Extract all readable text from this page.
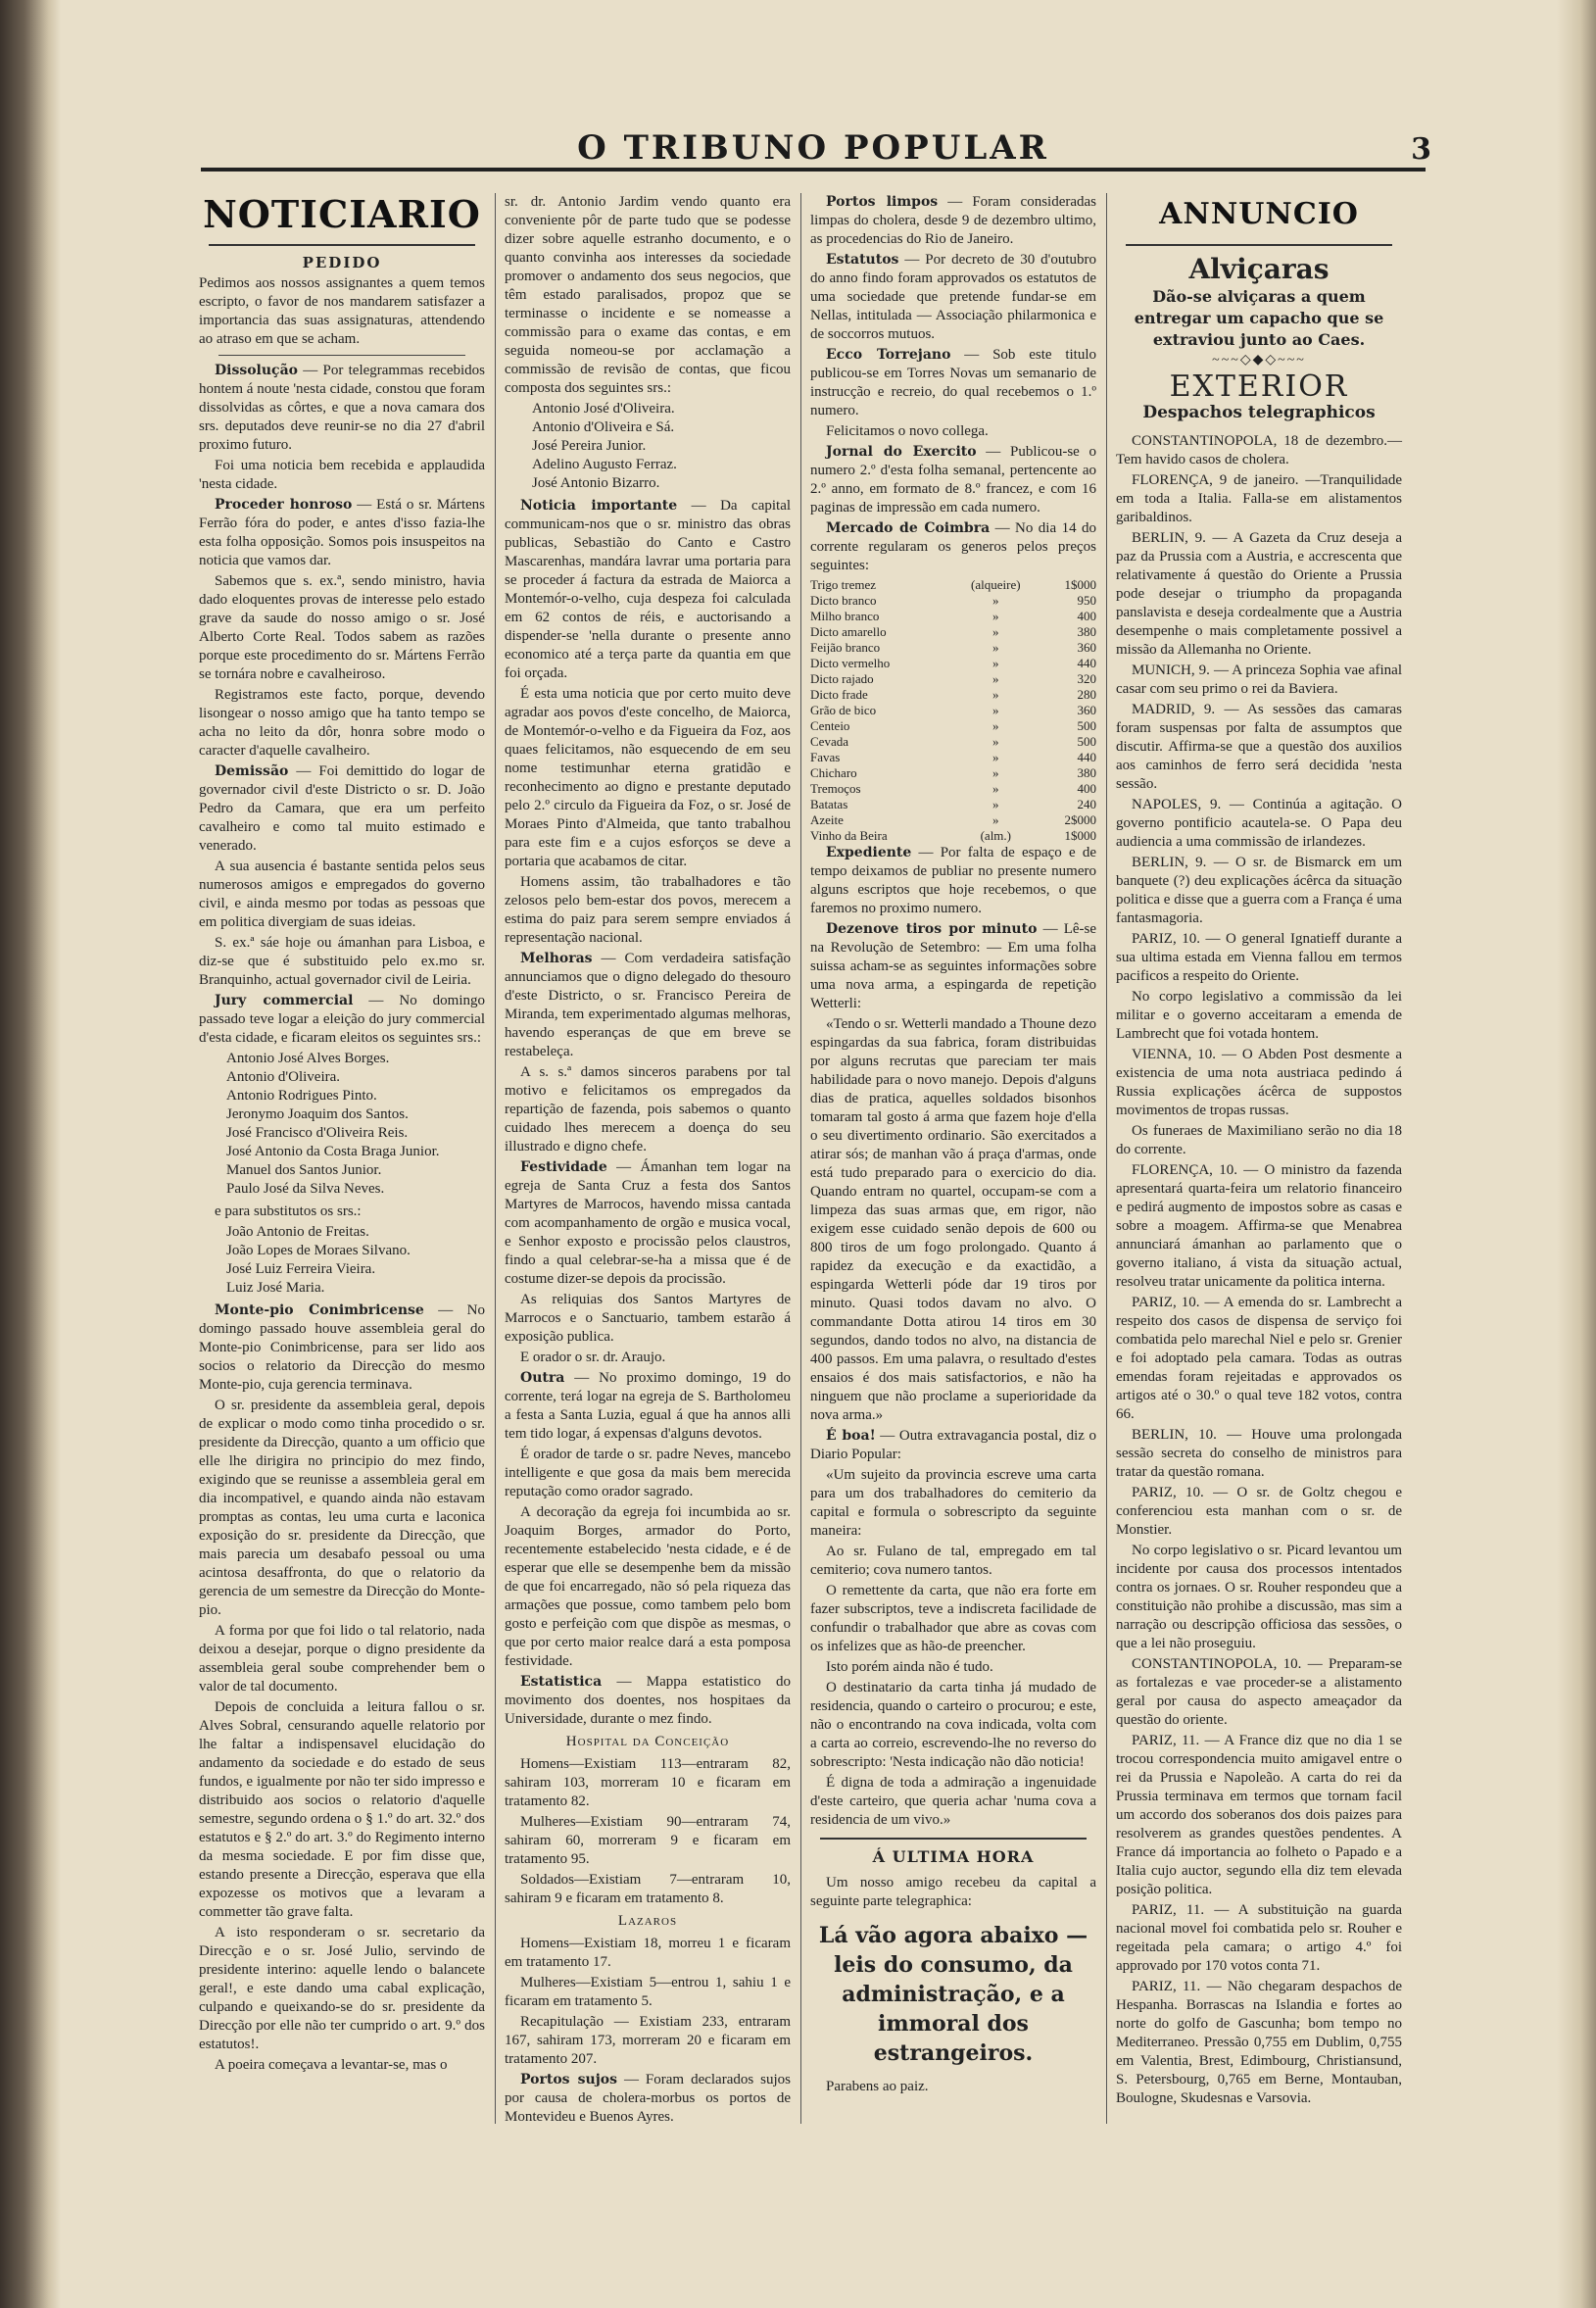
O TRIBUNO POPULAR	3
NOTICIARIO
PEDIDO

Pedimos aos nossos assignantes a quem temos escripto, o favor de nos mandarem satisfazer a importancia das suas assignaturas, attendendo ao atraso em que se acham.

Dissolução — Por telegrammas recebidos hontem á noute 'nesta cidade, constou que foram dissolvidas as côrtes, e que a nova camara dos srs. deputados deve reunir-se no dia 27 d'abril proximo futuro.

Foi uma noticia bem recebida e applaudida 'nesta cidade.

Proceder honroso — Está o sr. Mártens Ferrão fóra do poder, e antes d'isso fazia-lhe esta folha opposição. Somos pois insuspeitos na noticia que vamos dar.

Sabemos que s. ex.ª, sendo ministro, havia dado eloquentes provas de interesse pelo estado grave da saude do nosso amigo o sr. José Alberto Corte Real. Todos sabem as razões porque este procedimento do sr. Mártens Ferrão se tornára nobre e cavalheiroso.

Registramos este facto, porque, devendo lisongear o nosso amigo que ha tanto tempo se acha no leito da dôr, honra sobre modo o caracter d'aquelle cavalheiro.

Demissão — Foi demittido do logar de governador civil d'este Districto o sr. D. João Pedro da Camara, que era um perfeito cavalheiro e como tal muito estimado e venerado.

A sua ausencia é bastante sentida pelos seus numerosos amigos e empregados do governo civil, e ainda mesmo por todas as pessoas que em politica divergiam de suas ideias.

S. ex.ª sáe hoje ou ámanhan para Lisboa, e diz-se que é substituido pelo ex.mo sr. Branquinho, actual governador civil de Leiria.

Jury commercial — No domingo passado teve logar a eleição do jury commercial d'esta cidade, e ficaram eleitos os seguintes srs.:

Antonio José Alves Borges.
Antonio d'Oliveira.
Antonio Rodrigues Pinto.
Jeronymo Joaquim dos Santos.
José Francisco d'Oliveira Reis.
José Antonio da Costa Braga Junior.
Manuel dos Santos Junior.
Paulo José da Silva Neves.

e para substitutos os srs.:

João Antonio de Freitas.
João Lopes de Moraes Silvano.
José Luiz Ferreira Vieira.
Luiz José Maria.

Monte-pio Conimbricense — No domingo passado houve assembleia geral do Monte-pio Conimbricense, para ser lido aos socios o relatorio da Direcção do mesmo Monte-pio, cuja gerencia terminava.

O sr. presidente da assembleia geral, depois de explicar o modo como tinha procedido o sr. presidente da Direcção, quanto a um officio que elle lhe dirigira no principio do mez findo, exigindo que se reunisse a assembleia geral em dia incompativel, e quando ainda não estavam promptas as contas, leu uma curta e laconica exposição do sr. presidente da Direcção, que mais parecia um desabafo pessoal ou uma acintosa desaffronta, do que o relatorio da gerencia de um semestre da Direcção do Monte-pio.

A forma por que foi lido o tal relatorio, nada deixou a desejar, porque o digno presidente da assembleia geral soube comprehender bem o valor de tal documento.

Depois de concluida a leitura fallou o sr. Alves Sobral, censurando aquelle relatorio por lhe faltar a indispensavel elucidação do andamento da sociedade e do estado de seus fundos, e igualmente por não ter sido impresso e distribuido aos socios o relatorio d'aquelle semestre, segundo ordena o § 1.º do art. 32.º dos estatutos e § 2.º do art. 3.º do Regimento interno da mesma sociedade. E por fim disse que, estando presente a Direcção, esperava que ella expozesse os motivos que a levaram a commetter tão grave falta.

A isto responderam o sr. secretario da Direcção e o sr. José Julio, servindo de presidente interino: aquelle lendo o balancete geral!, e este dando uma cabal explicação, culpando e queixando-se do sr. presidente da Direcção por elle não ter cumprido o art. 9.º dos estatutos!.

A poeira começava a levantar-se, mas o

sr. dr. Antonio Jardim vendo quanto era conveniente pôr de parte tudo que se podesse dizer sobre aquelle estranho documento, e o quanto convinha aos interesses da sociedade promover o andamento dos seus negocios, que têm estado paralisados, propoz que se terminasse o incidente e se nomeasse a commissão para o exame das contas, e em seguida nomeou-se por acclamação a commissão de revisão de contas, que ficou composta dos seguintes srs.:

Antonio José d'Oliveira.
Antonio d'Oliveira e Sá.
José Pereira Junior.
Adelino Augusto Ferraz.
José Antonio Bizarro.

Noticia importante — Da capital communicam-nos que o sr. ministro das obras publicas, Sebastião do Canto e Castro Mascarenhas, mandára lavrar uma portaria para se proceder á factura da estrada de Maiorca a Montemór-o-velho, cuja despeza foi calculada em 62 contos de réis, e auctorisando a dispender-se 'nella durante o presente anno economico até a terça parte da quantia em que foi orçada.

É esta uma noticia que por certo muito deve agradar aos povos d'este concelho, de Maiorca, de Montemór-o-velho e da Figueira da Foz, aos quaes felicitamos, não esquecendo de em seu nome testimunhar eterna gratidão e reconhecimento ao digno e prestante deputado pelo 2.º circulo da Figueira da Foz, o sr. José de Moraes Pinto d'Almeida, que tanto trabalhou para este fim e a cujos esforços se deve a portaria que acabamos de citar.

Homens assim, tão trabalhadores e tão zelosos pelo bem-estar dos povos, merecem a estima do paiz para serem sempre enviados á representação nacional.

Melhoras — Com verdadeira satisfação annunciamos que o digno delegado do thesouro d'este Districto, o sr. Francisco Pereira de Miranda, tem experimentado algumas melhoras, havendo esperanças de que em breve se restabeleça.

A s. s.ª damos sinceros parabens por tal motivo e felicitamos os empregados da repartição de fazenda, pois sabemos o quanto cuidado lhes merecem a doença do seu illustrado e digno chefe.

Festividade — Ámanhan tem logar na egreja de Santa Cruz a festa dos Santos Martyres de Marrocos, havendo missa cantada com acompanhamento de orgão e musica vocal, e Senhor exposto e procissão pelos claustros, findo a qual celebrar-se-ha a missa que é de costume dizer-se depois da procissão.

As reliquias dos Santos Martyres de Marrocos e o Sanctuario, tambem estarão á exposição publica.

E orador o sr. dr. Araujo.

Outra — No proximo domingo, 19 do corrente, terá logar na egreja de S. Bartholomeu a festa a Santa Luzia, egual á que ha annos alli tem tido logar, á expensas d'alguns devotos.

É orador de tarde o sr. padre Neves, mancebo intelligente e que gosa da mais bem merecida reputação como orador sagrado.

A decoração da egreja foi incumbida ao sr. Joaquim Borges, armador do Porto, recentemente estabelecido 'nesta cidade, e é de esperar que elle se desempenhe bem da missão de que foi encarregado, não só pela riqueza das armações que possue, como tambem pelo bom gosto e perfeição com que dispõe as mesmas, o que por certo maior realce dará a esta pomposa festividade.

Estatistica — Mappa estatistico do movimento dos doentes, nos hospitaes da Universidade, durante o mez findo.

Hospital da Conceição

Homens—Existiam 113—entraram 82, sahiram 103, morreram 10 e ficaram em tratamento 82.

Mulheres—Existiam 90—entraram 74, sahiram 60, morreram 9 e ficaram em tratamento 95.

Soldados—Existiam 7—entraram 10, sahiram 9 e ficaram em tratamento 8.

Lazaros

Homens—Existiam 18, morreu 1 e ficaram em tratamento 17.

Mulheres—Existiam 5—entrou 1, sahiu 1 e ficaram em tratamento 5.

Recapitulação — Existiam 233, entraram 167, sahiram 173, morreram 20 e ficaram em tratamento 207.

Portos sujos — Foram declarados sujos por causa de cholera-morbus os portos de Montevideu e Buenos Ayres.

Portos limpos — Foram consideradas limpas do cholera, desde 9 de dezembro ultimo, as procedencias do Rio de Janeiro.

Estatutos — Por decreto de 30 d'outubro do anno findo foram approvados os estatutos de uma sociedade que pretende fundar-se em Nellas, intitulada — Associação philarmonica e de soccorros mutuos.

Ecco Torrejano — Sob este titulo publicou-se em Torres Novas um semanario de instrucção e recreio, do qual recebemos o 1.º numero.

Felicitamos o novo collega.

Jornal do Exercito — Publicou-se o numero 2.º d'esta folha semanal, pertencente ao 2.º anno, em formato de 8.º francez, e com 16 paginas de impressão em cada numero.

Mercado de Coimbra — No dia 14 do corrente regularam os generos pelos preços seguintes:

Trigo tremez	(alqueire)	1$000
Dicto branco	»	950
Milho branco	»	400
Dicto amarello	»	380
Feijão branco	»	360
Dicto vermelho	»	440
Dicto rajado	»	320
Dicto frade	»	280
Grão de bico	»	360
Centeio	»	500
Cevada	»	500
Favas	»	440
Chicharo	»	380
Tremoços	»	400
Batatas	»	240
Azeite	»	2$000
Vinho da Beira	(alm.)	1$000

Expediente — Por falta de espaço e de tempo deixamos de publiar no presente numero alguns escriptos que hoje recebemos, o que faremos no proximo numero.

Dezenove tiros por minuto — Lê-se na Revolução de Setembro: — Em uma folha suissa acham-se as seguintes informações sobre uma nova arma, a espingarda de repetição Wetterli:

«Tendo o sr. Wetterli mandado a Thoune dezo espingardas da sua fabrica, foram distribuidas por alguns recrutas que pareciam ter mais habilidade para o novo manejo. Depois d'alguns dias de pratica, aquelles soldados bisonhos tomaram tal gosto á arma que fazem hoje d'ella o seu divertimento ordinario. São exercitados a atirar sós; de manhan vão á praça d'armas, onde está tudo preparado para o exercicio do dia. Quando entram no quartel, occupam-se com a limpeza das suas armas que, em rigor, não exigem esse cuidado senão depois de 600 ou 800 tiros de um fogo prolongado. Quanto á rapidez da execução e da exactidão, a espingarda Wetterli póde dar 19 tiros por minuto. Quasi todos davam no alvo. O commandante Dotta atirou 14 tiros em 30 segundos, dando todos no alvo, na distancia de 400 passos. Em uma palavra, o resultado d'estes ensaios é dos mais satisfactorios, e não ha ninguem que não proclame a superioridade da nova arma.»

É boa! — Outra extravagancia postal, diz o Diario Popular:

«Um sujeito da provincia escreve uma carta para um dos trabalhadores do cemiterio da capital e formula o sobrescripto da seguinte maneira:

Ao sr. Fulano de tal, empregado em tal cemiterio; cova numero tantos.

O remettente da carta, que não era forte em fazer subscriptos, teve a indiscreta facilidade de confundir o trabalhador que abre as covas com os infelizes que as hão-de preencher.

Isto porém ainda não é tudo.

O destinatario da carta tinha já mudado de residencia, quando o carteiro o procurou; e este, não o encontrando na cova indicada, volta com a carta ao correio, escrevendo-lhe no reverso do sobrescripto: 'Nesta indicação não dão noticia!

É digna de toda a admiração a ingenuidade d'este carteiro, que queria achar 'numa cova a residencia de um vivo.»

Á ULTIMA HORA

Um nosso amigo recebeu da capital a seguinte parte telegraphica:

Lá vão agora abaixo — leis do consumo, da administração, e a immoral dos estrangeiros.

Parabens ao paiz.

ANNUNCIO
Alviçaras
Dão-se alviçaras a quem entregar um capacho que se extraviou junto ao Caes.
~~~◇◆◇~~~
EXTERIOR
Despachos telegraphicos

CONSTANTINOPOLA, 18 de dezembro.—Tem havido casos de cholera.

FLORENÇA, 9 de janeiro. —Tranquilidade em toda a Italia. Falla-se em alistamentos garibaldinos.

BERLIN, 9. — A Gazeta da Cruz deseja a paz da Prussia com a Austria, e accrescenta que relativamente á questão do Oriente a Prussia pode desejar o triumpho da propaganda panslavista e deseja cordealmente que a Austria desempenhe o mais completamente possivel a missão da Allemanha no Oriente.

MUNICH, 9. — A princeza Sophia vae afinal casar com seu primo o rei da Baviera.

MADRID, 9. — As sessões das camaras foram suspensas por falta de assumptos que discutir. Affirma-se que a questão dos auxilios aos caminhos de ferro será decidida 'nesta sessão.

NAPOLES, 9. — Continúa a agitação. O governo pontificio acautela-se. O Papa deu audiencia a uma commissão de irlandezes.

BERLIN, 9. — O sr. de Bismarck em um banquete (?) deu explicações ácêrca da situação politica e disse que a guerra com a França é uma fantasmagoria.

PARIZ, 10. — O general Ignatieff durante a sua ultima estada em Vienna fallou em termos pacificos a respeito do Oriente.

No corpo legislativo a commissão da lei militar e o governo acceitaram a emenda de Lambrecht que foi votada hontem.

VIENNA, 10. — O Abden Post desmente a existencia de uma nota austriaca pedindo á Russia explicações ácêrca de suppostos movimentos de tropas russas.

Os funeraes de Maximiliano serão no dia 18 do corrente.

FLORENÇA, 10. — O ministro da fazenda apresentará quarta-feira um relatorio financeiro e pedirá augmento de impostos sobre as casas e sobre a moagem. Affirma-se que Menabrea annunciará ámanhan ao parlamento que o governo italiano, á vista da situação actual, resolveu tratar unicamente da politica interna.

PARIZ, 10. — A emenda do sr. Lambrecht a respeito dos casos de dispensa de serviço foi combatida pelo marechal Niel e pelo sr. Grenier e foi adoptado pela camara. Todas as outras emendas foram rejeitadas e approvados os artigos até o 30.º o qual teve 182 votos, contra 66.

BERLIN, 10. — Houve uma prolongada sessão secreta do conselho de ministros para tratar da questão romana.

PARIZ, 10. — O sr. de Goltz chegou e conferenciou esta manhan com o sr. de Monstier.

No corpo legislativo o sr. Picard levantou um incidente por causa dos processos intentados contra os jornaes. O sr. Rouher respondeu que a constituição não prohibe a discussão, mas sim a narração ou descripção officiosa das sessões, o que a lei não proseguiu.

CONSTANTINOPOLA, 10. — Preparam-se as fortalezas e vae proceder-se a alistamento geral por causa do aspecto ameaçador da questão do oriente.

PARIZ, 11. — A France diz que no dia 1 se trocou correspondencia muito amigavel entre o rei da Prussia e Napoleão. A carta do rei da Prussia terminava em termos que tornam facil um accordo dos soberanos dos dois paizes para resolverem as grandes questões pendentes. A France dá importancia ao folheto o Papado e a Italia cujo auctor, segundo ella diz tem elevada posição politica.

PARIZ, 11. — A substituição na guarda nacional movel foi combatida pelo sr. Rouher e regeitada pela camara; o artigo 4.º foi approvado por 170 votos conta 71.

PARIZ, 11. — Não chegaram despachos de Hespanha. Borrascas na Islandia e fortes ao norte do golfo de Gascunha; bom tempo no Mediterraneo. Pressão 0,755 em Dublim, 0,755 em Valentia, Brest, Edimbourg, Christiansund, S. Petersbourg, 0,765 em Berne, Montauban, Boulogne, Skudesnas e Varsovia.
